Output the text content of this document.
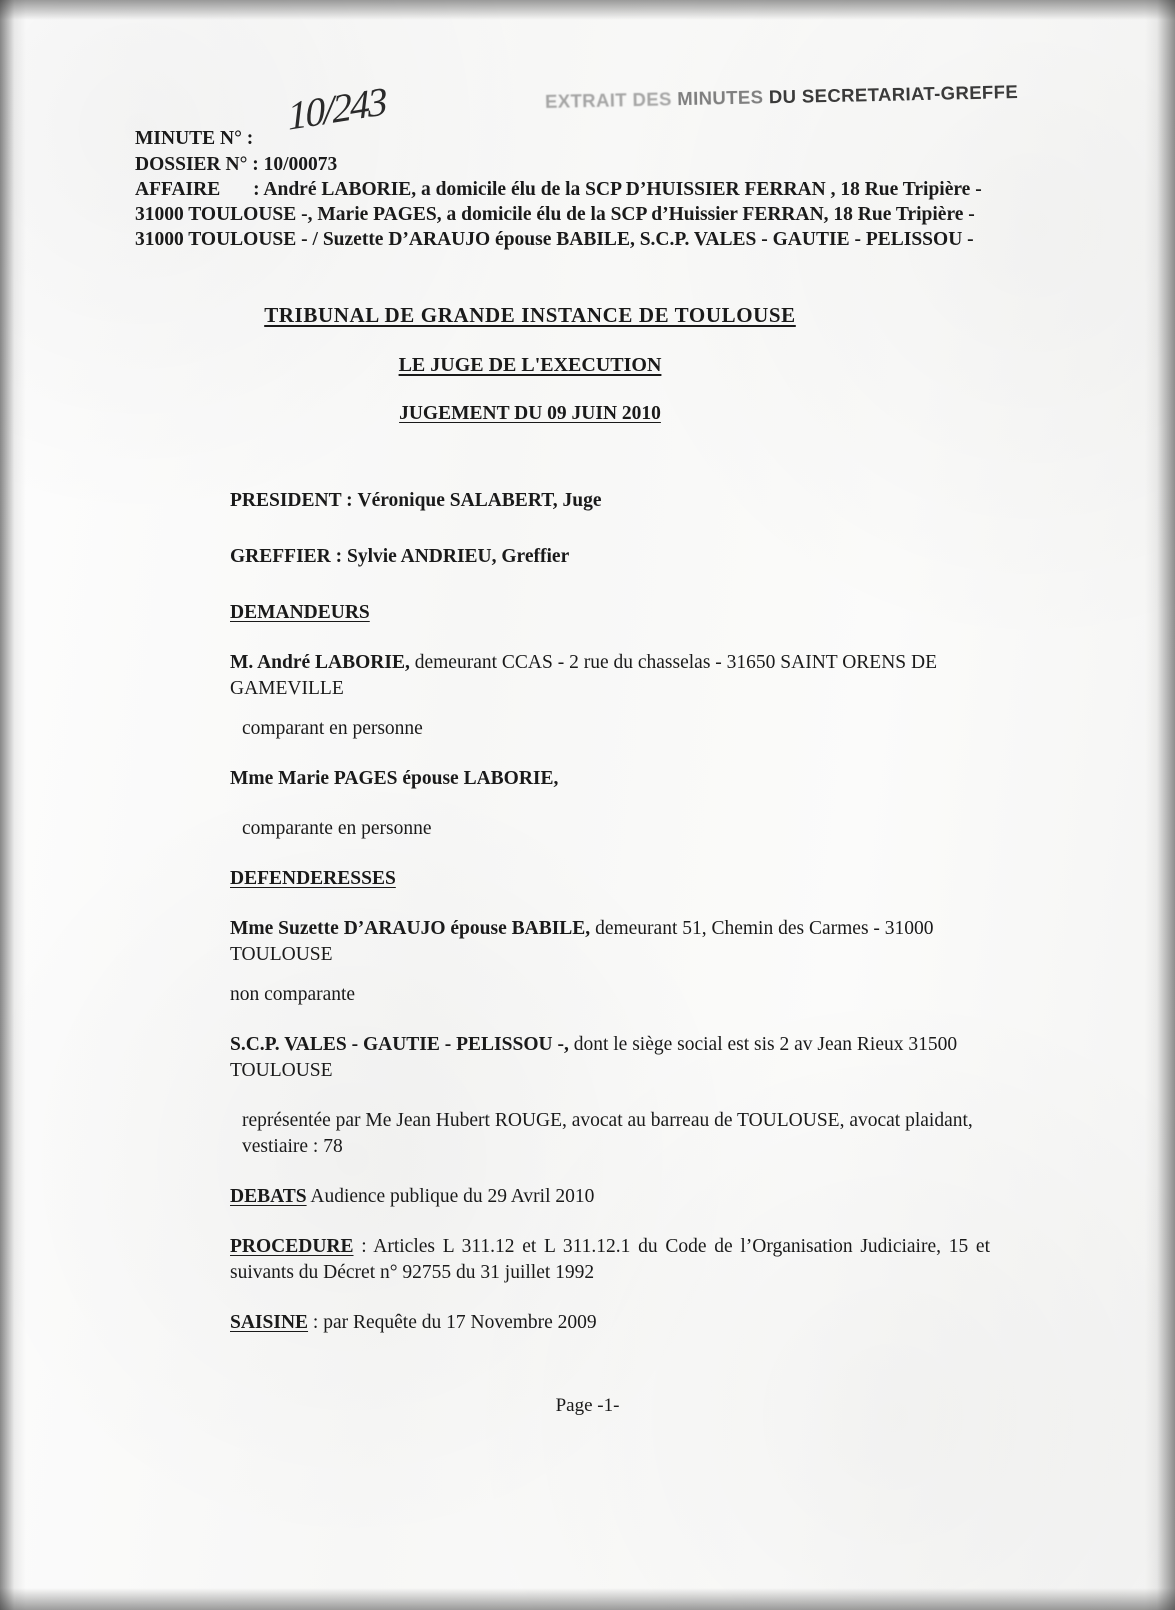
EXTRAIT DES MINUTES DU SECRETARIAT-GREFFE
MINUTE N° : 10/243
DOSSIER N° : 10/00073
AFFAIRE : André LABORIE, a domicile élu de la SCP D’HUISSIER FERRAN , 18 Rue Tripière - 31000 TOULOUSE -, Marie PAGES, a domicile élu de la SCP d’Huissier FERRAN, 18 Rue Tripière - 31000 TOULOUSE - / Suzette D’ARAUJO épouse BABILE, S.C.P. VALES - GAUTIE - PELISSOU -
TRIBUNAL DE GRANDE INSTANCE DE TOULOUSE
LE JUGE DE L'EXECUTION
JUGEMENT DU 09 JUIN 2010
PRESIDENT : Véronique SALABERT, Juge
GREFFIER : Sylvie ANDRIEU, Greffier
DEMANDEURS
M. André LABORIE, demeurant CCAS - 2 rue du chasselas - 31650 SAINT ORENS DE GAMEVILLE
comparant en personne
Mme Marie PAGES épouse LABORIE,
comparante en personne
DEFENDERESSES
Mme Suzette D’ARAUJO épouse BABILE, demeurant 51, Chemin des Carmes - 31000 TOULOUSE
non comparante
S.C.P. VALES - GAUTIE - PELISSOU -, dont le siège social est sis 2 av Jean Rieux 31500 TOULOUSE
représentée par Me Jean Hubert ROUGE, avocat au barreau de TOULOUSE, avocat plaidant, vestiaire : 78
DEBATS Audience publique du 29 Avril 2010
PROCEDURE : Articles L 311.12 et L 311.12.1 du Code de l’Organisation Judiciaire, 15 et suivants du Décret n° 92755 du 31 juillet 1992
SAISINE : par Requête du 17 Novembre 2009
Page -1-
